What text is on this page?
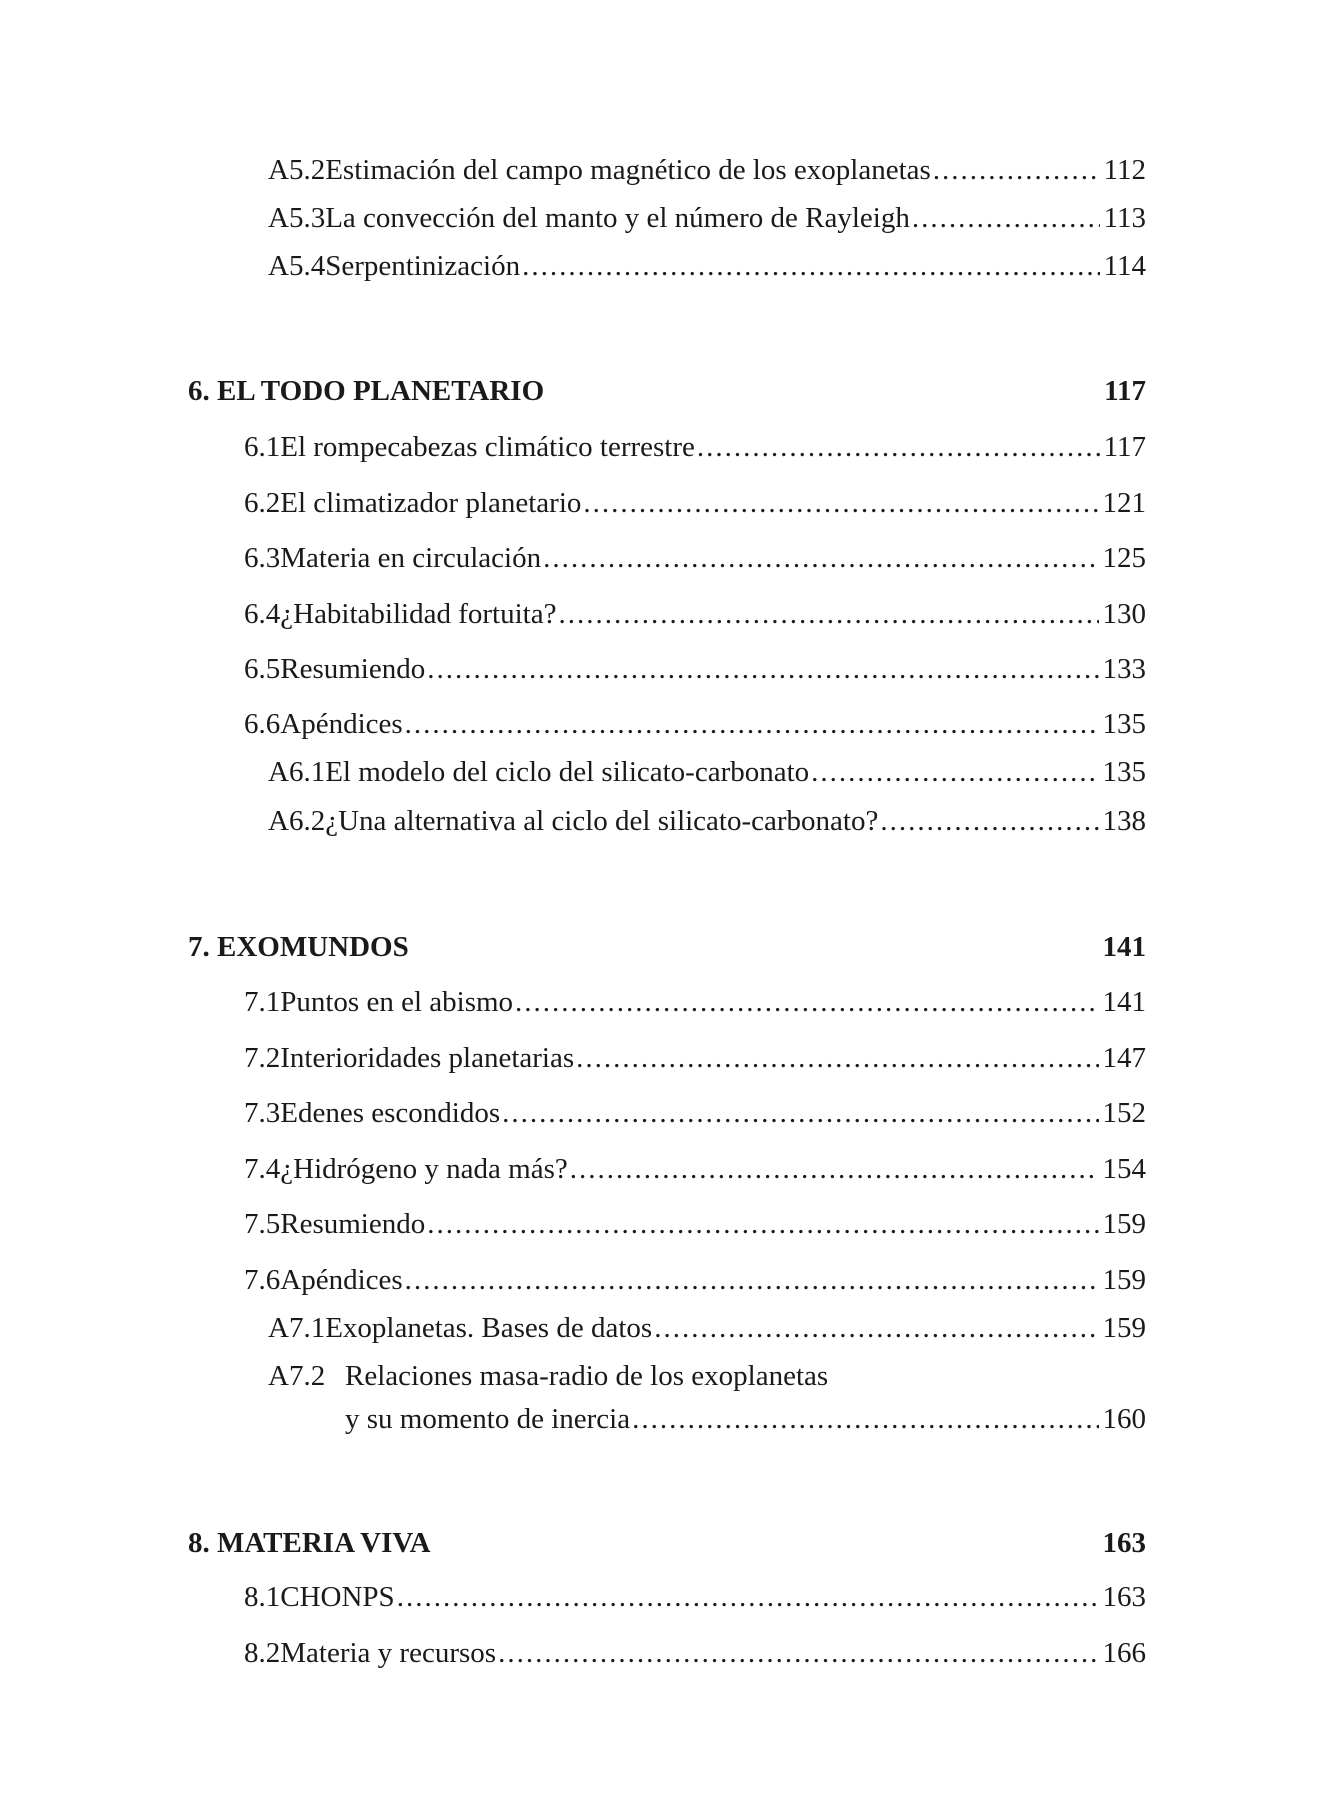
A5.2 Estimación del campo magnético de los exoplanetas .....	112
A5.3 La convección del manto y el número de Rayleigh .....	113
A5.4 Serpentinización .....	114
6. EL TODO PLANETARIO	117
6.1 El rompecabezas climático terrestre .....	117
6.2 El climatizador planetario .....	121
6.3 Materia en circulación .....	125
6.4 ¿Habitabilidad fortuita? .....	130
6.5 Resumiendo .....	133
6.6 Apéndices .....	135
A6.1 El modelo del ciclo del silicato-carbonato .....	135
A6.2 ¿Una alternativa al ciclo del silicato-carbonato? .....	138
7. EXOMUNDOS	141
7.1 Puntos en el abismo .....	141
7.2 Interioridades planetarias .....	147
7.3 Edenes escondidos .....	152
7.4 ¿Hidrógeno y nada más? .....	154
7.5 Resumiendo .....	159
7.6 Apéndices .....	159
A7.1 Exoplanetas. Bases de datos .....	159
A7.2 Relaciones masa-radio de los exoplanetas
y su momento de inercia .....	160
8. MATERIA VIVA	163
8.1 CHONPS .....	163
8.2 Materia y recursos .....	166
